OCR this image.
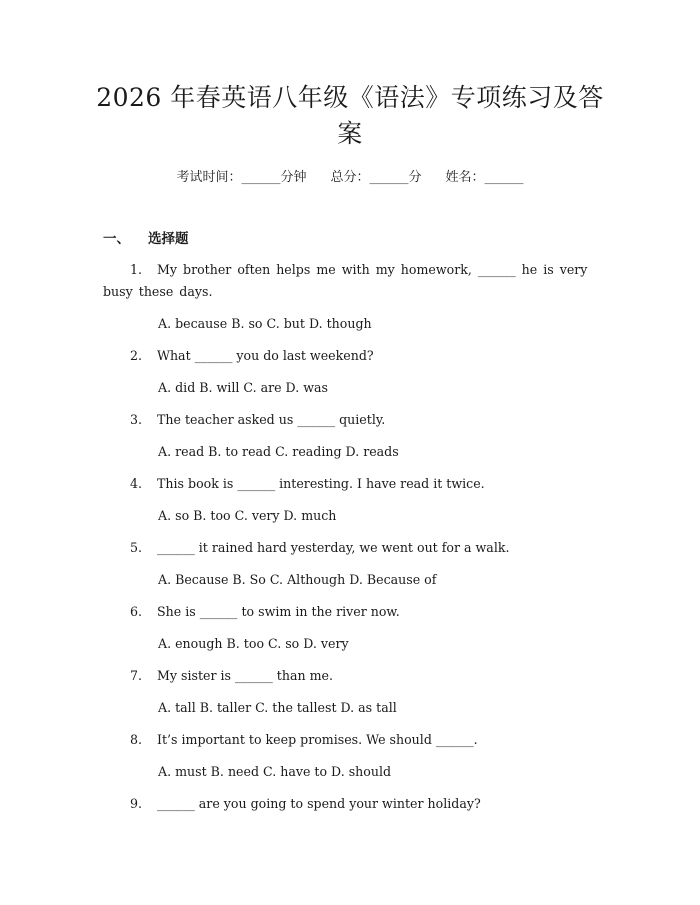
2026 年春英语八年级《语法》专项练习及答案
考试时间：______分钟 总分：______分 姓名：______
一、 选择题

1. My brother often helps me with my homework, ______ he is very busy these days.

A. because B. so C. but D. though

2. What ______ you do last weekend?

A. did B. will C. are D. was

3. The teacher asked us ______ quietly.

A. read B. to read C. reading D. reads

4. This book is ______ interesting. I have read it twice.

A. so B. too C. very D. much

5. ______ it rained hard yesterday, we went out for a walk.

A. Because B. So C. Although D. Because of

6. She is ______ to swim in the river now.

A. enough B. too C. so D. very

7. My sister is ______ than me.

A. tall B. taller C. the tallest D. as tall

8. It’s important to keep promises. We should ______.

A. must B. need C. have to D. should

9. ______ are you going to spend your winter holiday?
